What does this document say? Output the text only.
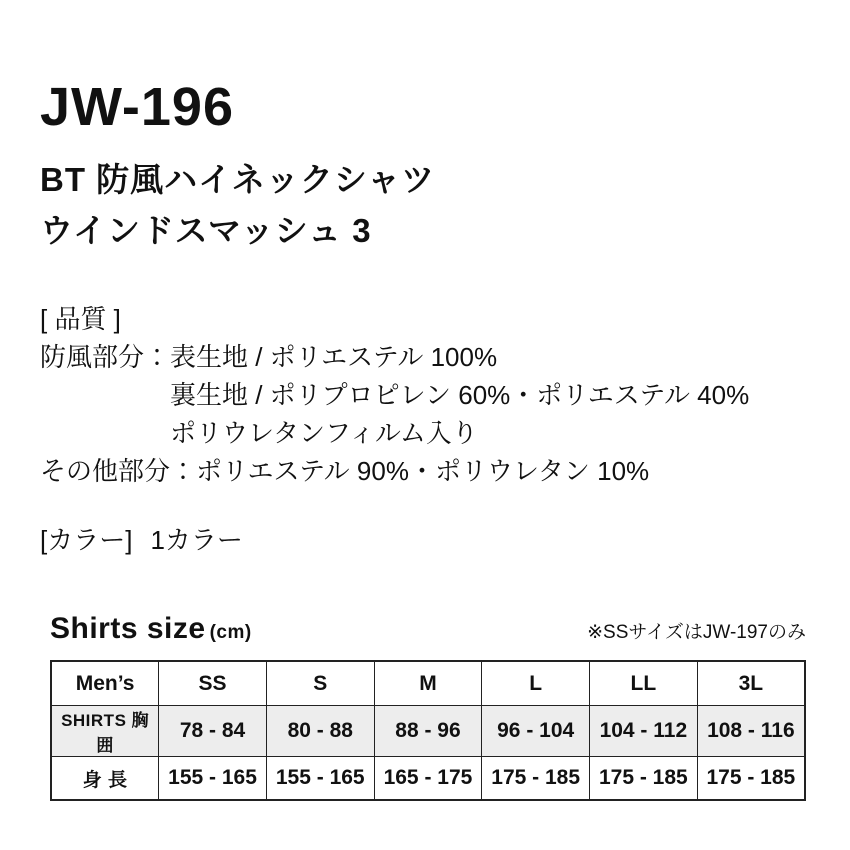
JW-196
BT 防風ハイネックシャツ
ウインドスマッシュ 3
[ 品質 ]
防風部分： 表生地 / ポリエステル 100%
裏生地 / ポリプロピレン 60%・ポリエステル 40%
ポリウレタンフィルム入り
その他部分： ポリエステル 90%・ポリウレタン 10%
[カラー] 1カラー
Shirts size (cm)	※SSサイズはJW-197のみ
Men’s	SS	S	M	L	LL	3L
SHIRTS 胸囲	78 - 84	80 - 88	88 - 96	96 - 104	104 - 112	108 - 116
身 長	155 - 165	155 - 165	165 - 175	175 - 185	175 - 185	175 - 185
